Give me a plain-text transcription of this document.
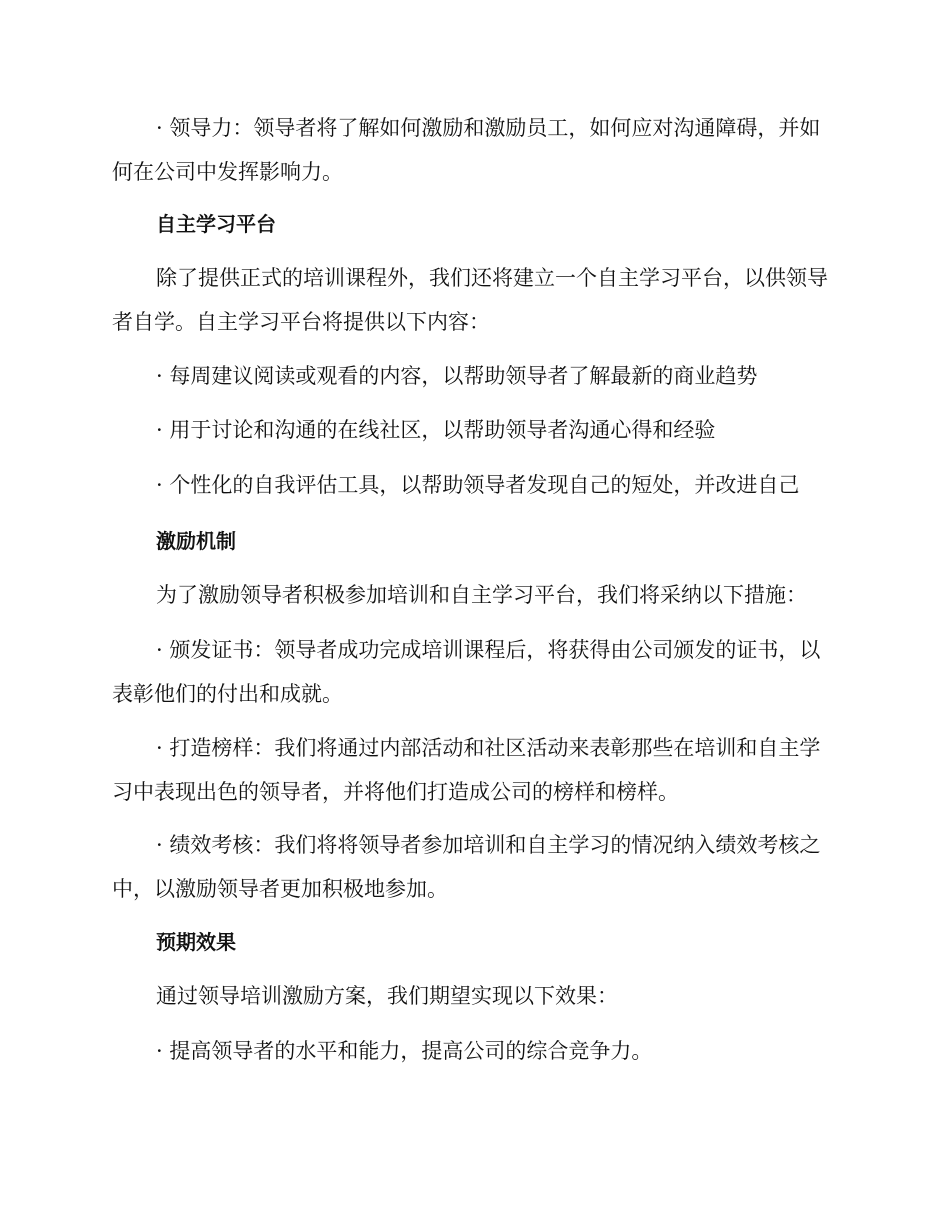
· 领导力：领导者将了解如何激励和激励员工，如何应对沟通障碍，并如何在公司中发挥影响力。

自主学习平台

除了提供正式的培训课程外，我们还将建立一个自主学习平台，以供领导者自学。自主学习平台将提供以下内容：

· 每周建议阅读或观看的内容，以帮助领导者了解最新的商业趋势

· 用于讨论和沟通的在线社区，以帮助领导者沟通心得和经验

· 个性化的自我评估工具，以帮助领导者发现自己的短处，并改进自己

激励机制

为了激励领导者积极参加培训和自主学习平台，我们将采纳以下措施：

· 颁发证书：领导者成功完成培训课程后，将获得由公司颁发的证书，以表彰他们的付出和成就。

· 打造榜样：我们将通过内部活动和社区活动来表彰那些在培训和自主学习中表现出色的领导者，并将他们打造成公司的榜样和榜样。

· 绩效考核：我们将将领导者参加培训和自主学习的情况纳入绩效考核之中，以激励领导者更加积极地参加。

预期效果

通过领导培训激励方案，我们期望实现以下效果：

· 提高领导者的水平和能力，提高公司的综合竞争力。
